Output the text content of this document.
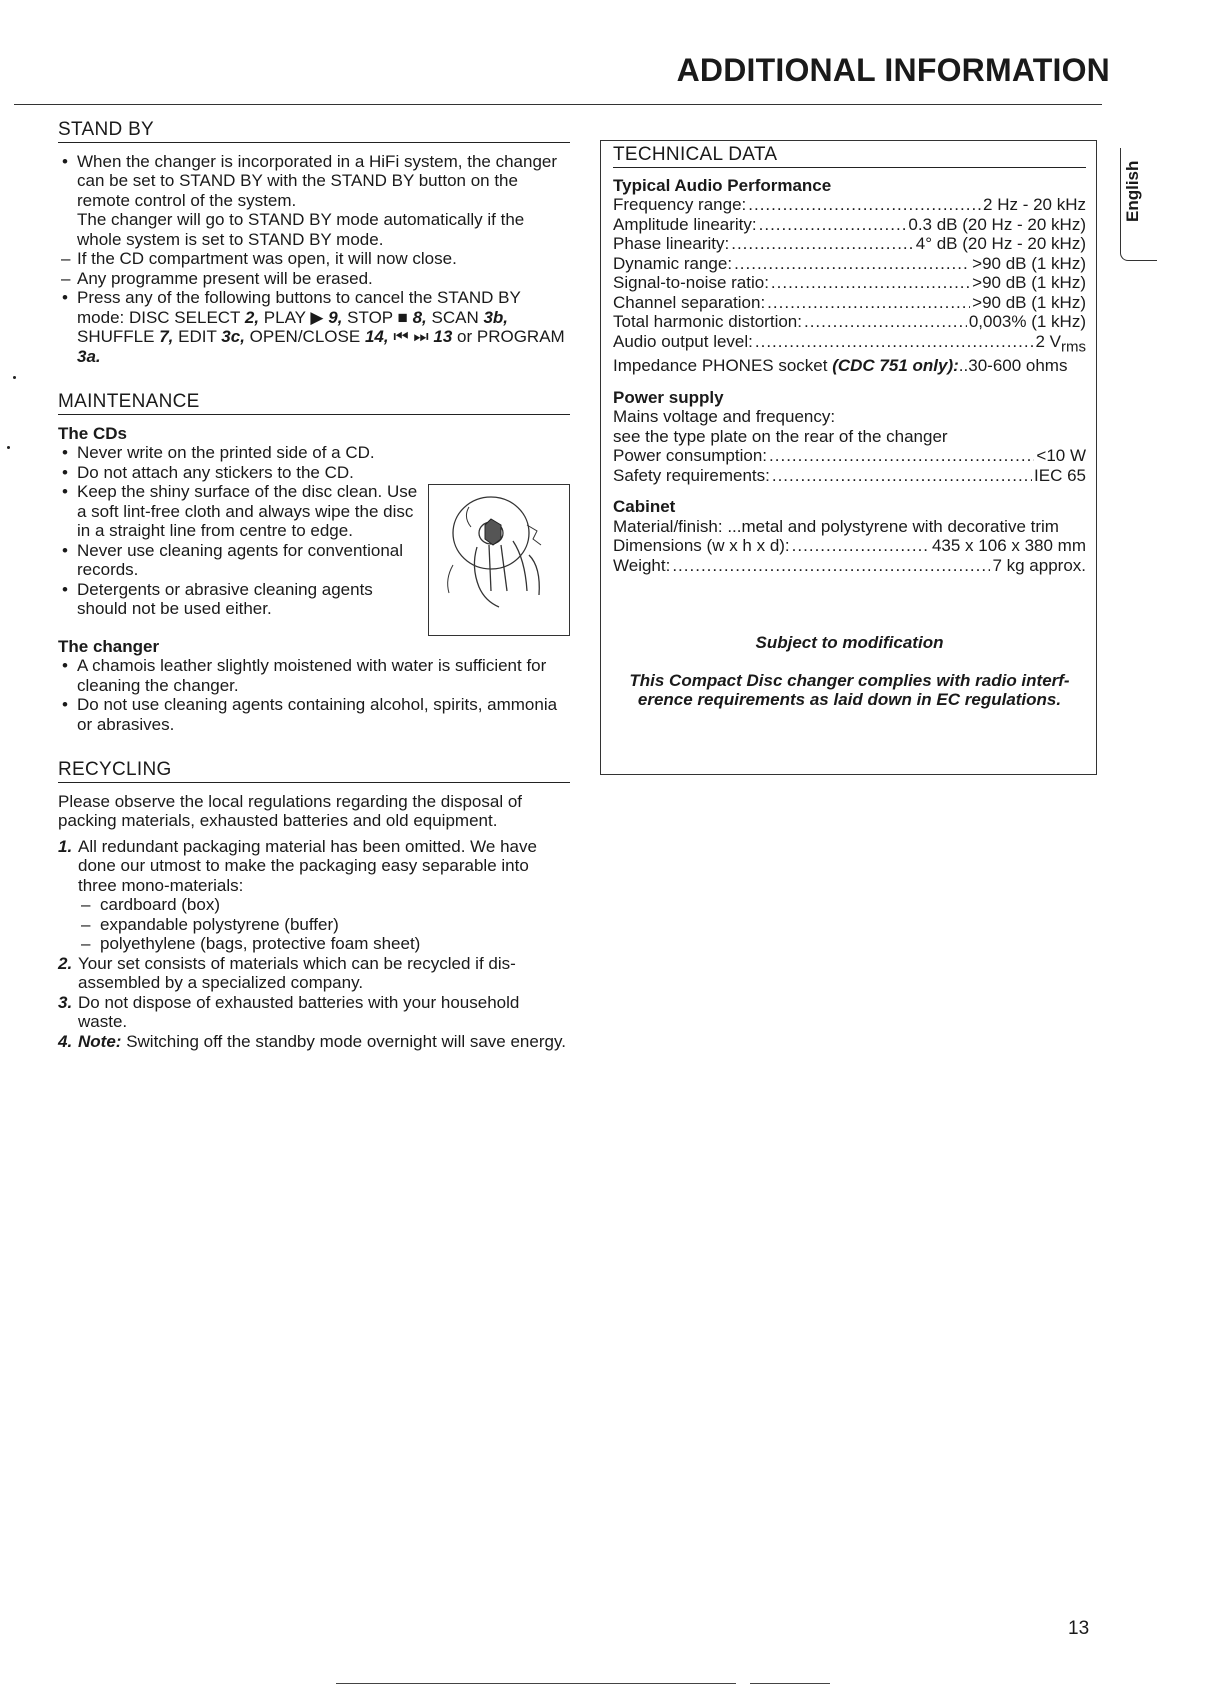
ADDITIONAL INFORMATION
STAND BY
• When the changer is incorporated in a HiFi system, the changer can be set to STAND BY with the STAND BY button on the remote control of the system.
The changer will go to STAND BY mode automatically if the whole system is set to STAND BY mode.
– If the CD compartment was open, it will now close.
– Any programme present will be erased.
• Press any of the following buttons to cancel the STAND BY mode: DISC SELECT 2, PLAY ▶ 9, STOP ■ 8, SCAN 3b, SHUFFLE 7, EDIT 3c, OPEN/CLOSE 14, ⏮ ⏭ 13 or PROGRAM 3a.
MAINTENANCE

The CDs

• Never write on the printed side of a CD.
• Do not attach any stickers to the CD.
• Keep the shiny surface of the disc clean. Use a soft lint-free cloth and always wipe the disc in a straight line from centre to edge.
• Never use cleaning agents for conventional records.
• Detergents or abrasive cleaning agents should not be used either.

The changer

• A chamois leather slightly moistened with water is sufficient for cleaning the changer.
• Do not use cleaning agents containing alcohol, spirits, ammonia or abrasives.
RECYCLING

Please observe the local regulations regarding the disposal of packing materials, exhausted batteries and old equipment.

1. All redundant packaging material has been omitted. We have done our utmost to make the packaging easy separable into three mono-materials:
– cardboard (box)
– expandable polystyrene (buffer)
– polyethylene (bags, protective foam sheet)
2. Your set consists of materials which can be recycled if dis-assembled by a specialized company.
3. Do not dispose of exhausted batteries with your household waste.
4. Note: Switching off the standby mode overnight will save energy.
TECHNICAL DATA
Typical Audio Performance
Frequency range: .....	2 Hz - 20 kHz
Amplitude linearity: .....	0.3 dB (20 Hz - 20 kHz)
Phase linearity: .....	4° dB (20 Hz - 20 kHz)
Dynamic range: .....	>90 dB (1 kHz)
Signal-to-noise ratio: .....	>90 dB (1 kHz)
Channel separation: .....	>90 dB (1 kHz)
Total harmonic distortion: .....	0,003% (1 kHz)
Audio output level: .....	2 $V_{rms}$
Impedance PHONES socket
(CDC 751 only): ..30-600 ohms
Power supply
Mains voltage and frequency:
see the type plate on the rear of the changer
Power consumption: .....	<10 W
Safety requirements: .....	IEC 65
Cabinet
Material/finish: ...metal and polystyrene with decorative trim
Dimensions (w x h x d): .....	435 x 106 x 380 mm
Weight: .....	7 kg approx.
Subject to modification
This Compact Disc changer complies with radio interf-erence requirements as laid down in EC regulations.
English
13
